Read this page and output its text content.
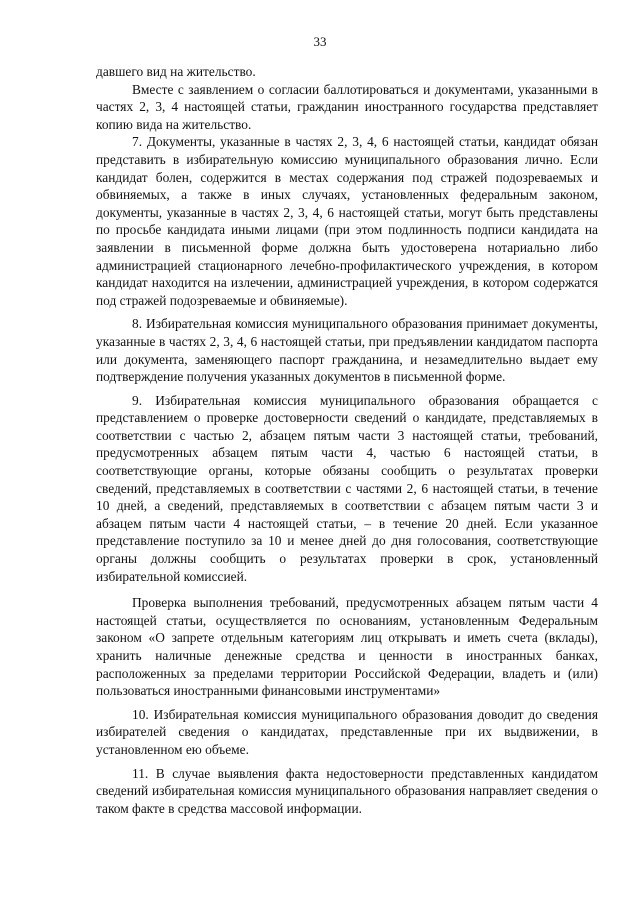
33

давшего вид на жительство.

Вместе с заявлением о согласии баллотироваться и документами, указанными в частях 2, 3, 4 настоящей статьи, гражданин иностранного государства представляет копию вида на жительство.

7. Документы, указанные в частях 2, 3, 4, 6 настоящей статьи, кандидат обязан представить в избирательную комиссию муниципального образования лично. Если кандидат болен, содержится в местах содержания под стражей подозреваемых и обвиняемых, а также в иных случаях, установленных федеральным законом, документы, указанные в частях 2, 3, 4, 6 настоящей статьи, могут быть представлены по просьбе кандидата иными лицами (при этом подлинность подписи кандидата на заявлении в письменной форме должна быть удостоверена нотариально либо администрацией стационарного лечебно-профилактического учреждения, в котором кандидат находится на излечении, администрацией учреждения, в котором содержатся под стражей подозреваемые и обвиняемые).

8. Избирательная комиссия муниципального образования принимает документы, указанные в частях 2, 3, 4, 6 настоящей статьи, при предъявлении кандидатом паспорта или документа, заменяющего паспорт гражданина, и незамедлительно выдает ему подтверждение получения указанных документов в письменной форме.

9. Избирательная комиссия муниципального образования обращается с представлением о проверке достоверности сведений о кандидате, представляемых в соответствии с частью 2, абзацем пятым части 3 настоящей статьи, требований, предусмотренных абзацем пятым части 4, частью 6 настоящей статьи, в соответствующие органы, которые обязаны сообщить о результатах проверки сведений, представляемых в соответствии с частями 2, 6 настоящей статьи, в течение 10 дней, а сведений, представляемых в соответствии с абзацем пятым части 3 и абзацем пятым части 4 настоящей статьи, – в течение 20 дней. Если указанное представление поступило за 10 и менее дней до дня голосования, соответствующие органы должны сообщить о результатах проверки в срок, установленный избирательной комиссией.

Проверка выполнения требований, предусмотренных абзацем пятым части 4 настоящей статьи, осуществляется по основаниям, установленным Федеральным законом «О запрете отдельным категориям лиц открывать и иметь счета (вклады), хранить наличные денежные средства и ценности в иностранных банках, расположенных за пределами территории Российской Федерации, владеть и (или) пользоваться иностранными финансовыми инструментами»

10. Избирательная комиссия муниципального образования доводит до сведения избирателей сведения о кандидатах, представленные при их выдвижении, в установленном ею объеме.

11. В случае выявления факта недостоверности представленных кандидатом сведений избирательная комиссия муниципального образования направляет сведения о таком факте в средства массовой информации.
